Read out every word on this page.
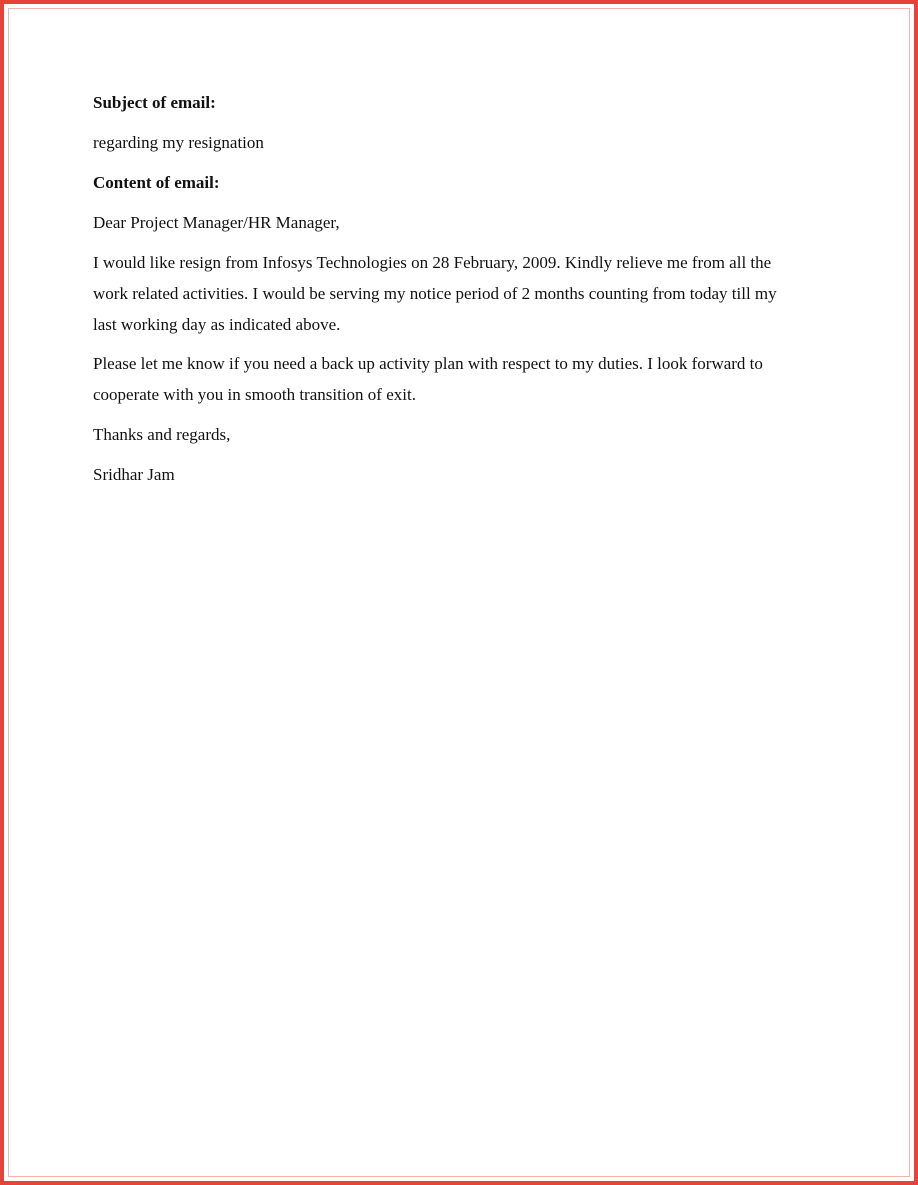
Subject of email:

regarding my resignation

Content of email:

Dear Project Manager/HR Manager,

I would like resign from Infosys Technologies on 28 February, 2009. Kindly relieve me from all the

work related activities. I would be serving my notice period of 2 months counting from today till my

last working day as indicated above.

Please let me know if you need a back up activity plan with respect to my duties. I look forward to

cooperate with you in smooth transition of exit.

Thanks and regards,

Sridhar Jam
